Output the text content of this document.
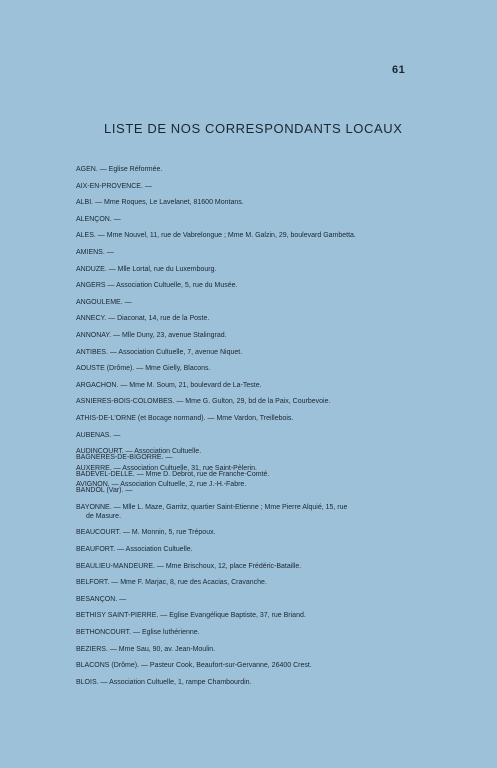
61
LISTE DE NOS CORRESPONDANTS LOCAUX
AGEN. — Eglise Réformée.
AIX-EN-PROVENCE. —
ALBI. — Mme Roques, Le Lavelanet, 81600 Montans.
ALENÇON. —
ALES. — Mme Nouvel, 11, rue de Vabrelongue ; Mme M. Galzin, 29, boulevard Gambetta.
AMIENS. —
ANDUZE. — Mlle Lortal, rue du Luxembourg.
ANGERS — Association Cultuelle, 5, rue du Musée.
ANGOULEME. —
ANNECY. — Diaconat, 14, rue de la Poste.
ANNONAY. — Mlle Duny, 23, avenue Stalingrad.
ANTIBES. — Association Cultuelle, 7, avenue Niquet.
AOUSTE (Drôme). — Mme Gielly, Blacons.
ARGACHON. — Mme M. Soum, 21, boulevard de La-Teste.
ASNIERES-BOIS-COLOMBES. — Mme G. Gulton, 29, bd de la Paix, Courbevoie.
ATHIS-DE-L'ORNE (et Bocage normand). — Mme Vardon, Treillebois.
AUBENAS. —
AUDINCOURT. — Association Cultuelle.
AUXERRE. — Association Cultuelle, 31, rue Saint-Pèlerin.
AVIGNON. — Association Cultuelle, 2, rue J.-H.-Fabre.
BAGNERES-DE-BIGORRE. —
BADEVEL-DELLE. — Mme D. Debrot, rue de Franche-Comté.
BANDOL (Var). —
BAYONNE. — Mlle L. Maze, Garritz, quartier Saint-Etienne ; Mme Pierre Alquié, 15, rue
de Masure.
BEAUCOURT. — M. Monnin, 5, rue Trépoux.
BEAUFORT. — Association Cultuelle.
BEAULIEU-MANDEURE. — Mme Brischoux, 12, place Frédéric-Bataille.
BELFORT. — Mme F. Marjac, 8, rue des Acacias, Cravanche.
BESANÇON. —
BETHISY SAINT-PIERRE. — Eglise Evangélique Baptiste, 37, rue Briand.
BETHONCOURT. — Eglise luthérienne.
BEZIERS. — Mme Sau, 90, av. Jean-Moulin.
BLACONS (Drôme). — Pasteur Cook, Beaufort-sur-Gervanne, 26400 Crest.
BLOIS. — Association Cultuelle, 1, rampe Chambourdin.
